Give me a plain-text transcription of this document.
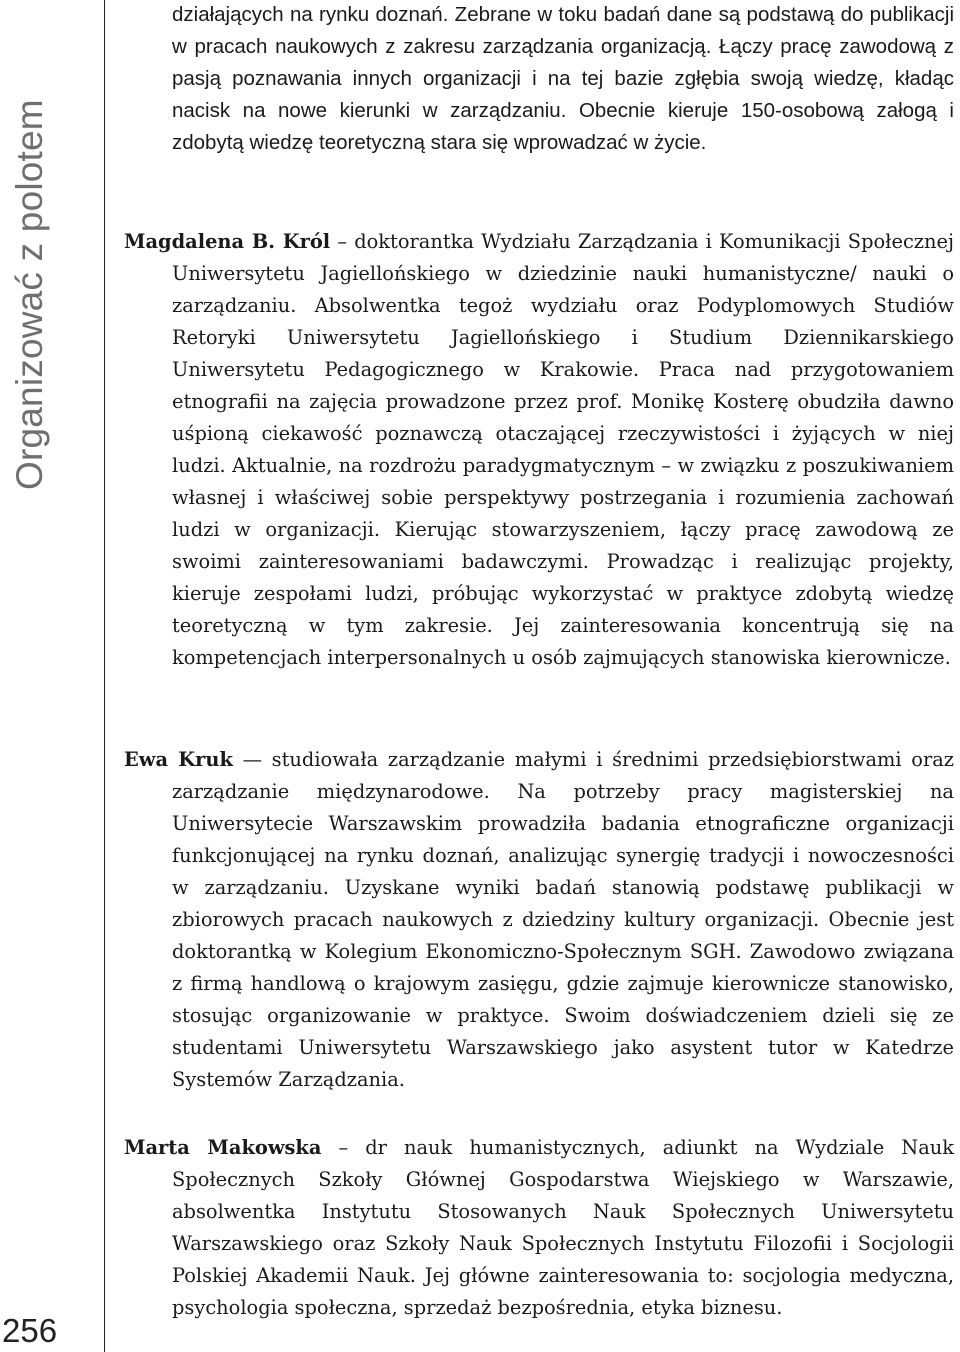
Organizować z polotem
256
działających na rynku doznań. Zebrane w toku badań dane są podstawą do publikacji w pracach naukowych z zakresu zarządzania organizacją. Łączy pracę zawodową z pasją poznawania innych organizacji i na tej bazie zgłębia swoją wiedzę, kładąc nacisk na nowe kierunki w zarządzaniu. Obecnie kieruje 150-osobową załogą i zdobytą wiedzę teoretyczną stara się wprowadzać w życie.
Magdalena B. Król – doktorantka Wydziału Zarządzania i Komunikacji Społecznej Uniwersytetu Jagiellońskiego w dziedzinie nauki humanistyczne/ nauki o zarządzaniu. Absolwentka tegoż wydziału oraz Podyplomowych Studiów Retoryki Uniwersytetu Jagiellońskiego i Studium Dziennikarskiego Uniwersytetu Pedagogicznego w Krakowie. Praca nad przygotowaniem etnografii na zajęcia prowadzone przez prof. Monikę Kosterę obudziła dawno uśpioną ciekawość poznawczą otaczającej rzeczywistości i żyjących w niej ludzi. Aktualnie, na rozdrożu paradygmatycznym – w związku z poszukiwaniem własnej i właściwej sobie perspektywy postrzegania i rozumienia zachowań ludzi w organizacji. Kierując stowarzyszeniem, łączy pracę zawodową ze swoimi zainteresowaniami badawczymi. Prowadząc i realizując projekty, kieruje zespołami ludzi, próbując wykorzystać w praktyce zdobytą wiedzę teoretyczną w tym zakresie. Jej zainteresowania koncentrują się na kompetencjach interpersonalnych u osób zajmujących stanowiska kierownicze.
Ewa Kruk — studiowała zarządzanie małymi i średnimi przedsiębiorstwami oraz zarządzanie międzynarodowe. Na potrzeby pracy magisterskiej na Uniwersytecie Warszawskim prowadziła badania etnograficzne organizacji funkcjonującej na rynku doznań, analizując synergię tradycji i nowoczesności w zarządzaniu. Uzyskane wyniki badań stanowią podstawę publikacji w zbiorowych pracach naukowych z dziedziny kultury organizacji. Obecnie jest doktorantką w Kolegium Ekonomiczno-Społecznym SGH. Zawodowo związana z firmą handlową o krajowym zasięgu, gdzie zajmuje kierownicze stanowisko, stosując organizowanie w praktyce. Swoim doświadczeniem dzieli się ze studentami Uniwersytetu Warszawskiego jako asystent tutor w Katedrze Systemów Zarządzania.
Marta Makowska – dr nauk humanistycznych, adiunkt na Wydziale Nauk Społecznych Szkoły Głównej Gospodarstwa Wiejskiego w Warszawie, absolwentka Instytutu Stosowanych Nauk Społecznych Uniwersytetu Warszawskiego oraz Szkoły Nauk Społecznych Instytutu Filozofii i Socjologii Polskiej Akademii Nauk. Jej główne zainteresowania to: socjologia medyczna, psychologia społeczna, sprzedaż bezpośrednia, etyka biznesu.
